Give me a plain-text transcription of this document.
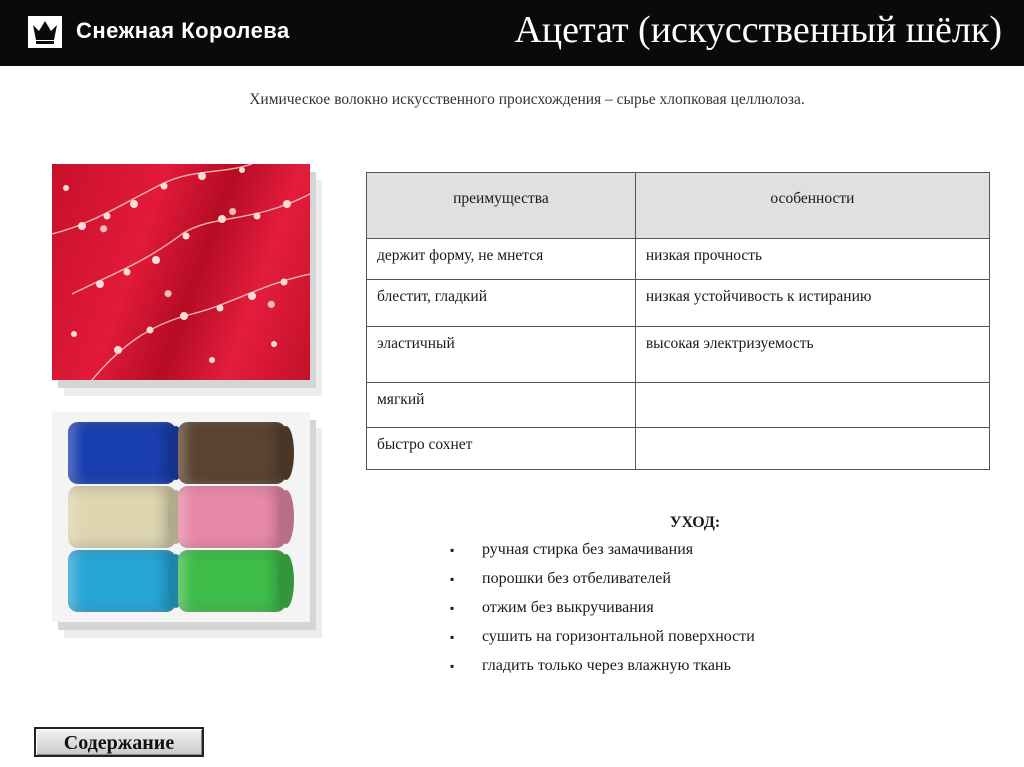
Снежная Королева	Ацетат (искусственный шёлк)
Химическое волокно искусственного происхождения – сырье хлопковая целлюлоза.
преимущества	особенности
держит форму, не мнется	низкая прочность
блестит, гладкий	низкая устойчивость к истиранию
эластичный	высокая электризуемость
мягкий	
быстро сохнет	
УХОД:
▪ ручная стирка без замачивания
▪ порошки без отбеливателей
▪ отжим без выкручивания
▪ сушить на горизонтальной поверхности
▪ гладить только через влажную ткань
Содержание
